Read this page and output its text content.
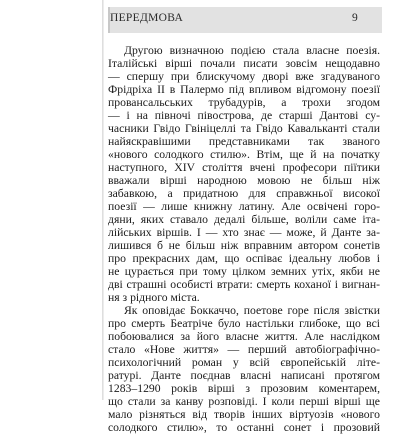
ПЕРЕДМОВА	9
Другою визначною подією стала власне поезія.
Італійські вірші почали писати зовсім нещодавно
— спершу при блискучому дворі вже згадуваного
Фрідріха II в Палермо під впливом відгомону поезії
провансальських трубадурів, а трохи згодом
— і на півночі півострова, де старші Дантові су-
часники Гвідо Гвініцеллі та Гвідо Кавальканті стали
найяскравішими представниками так званого
«нового солодкого стилю». Втім, ще й на початку
наступного, XIV століття вчені професори піїтики
вважали вірші народною мовою не більш ніж
забавкою, а придатною для справжньої високої
поезії — лише книжну латину. Але освічені горо-
дяни, яких ставало дедалі більше, воліли саме іта-
лійських віршів. І — хто знає — може, й Данте за-
лишився б не більш ніж вправним автором сонетів
про прекрасних дам, що оспіває ідеальну любов і
не цурається при тому цілком земних утіх, якби не
дві страшні особисті втрати: смерть коханої і вигнан-
ня з рідного міста.
Як оповідає Боккаччо, поетове горе після звістки
про смерть Беатріче було настільки глибоке, що всі
побоювалися за його власне життя. Але наслідком
стало «Нове життя» — перший автобіографічно-
психологічний роман у всій європейській літе-
ратурі. Данте поєднав власні написані протягом
1283–1290 років вірші з прозовим коментарем,
що стали за канву розповіді. І коли перші вірші ще
мало різняться від творів інших віртуозів «нового
солодкого стилю», то останні сонет і прозовий
